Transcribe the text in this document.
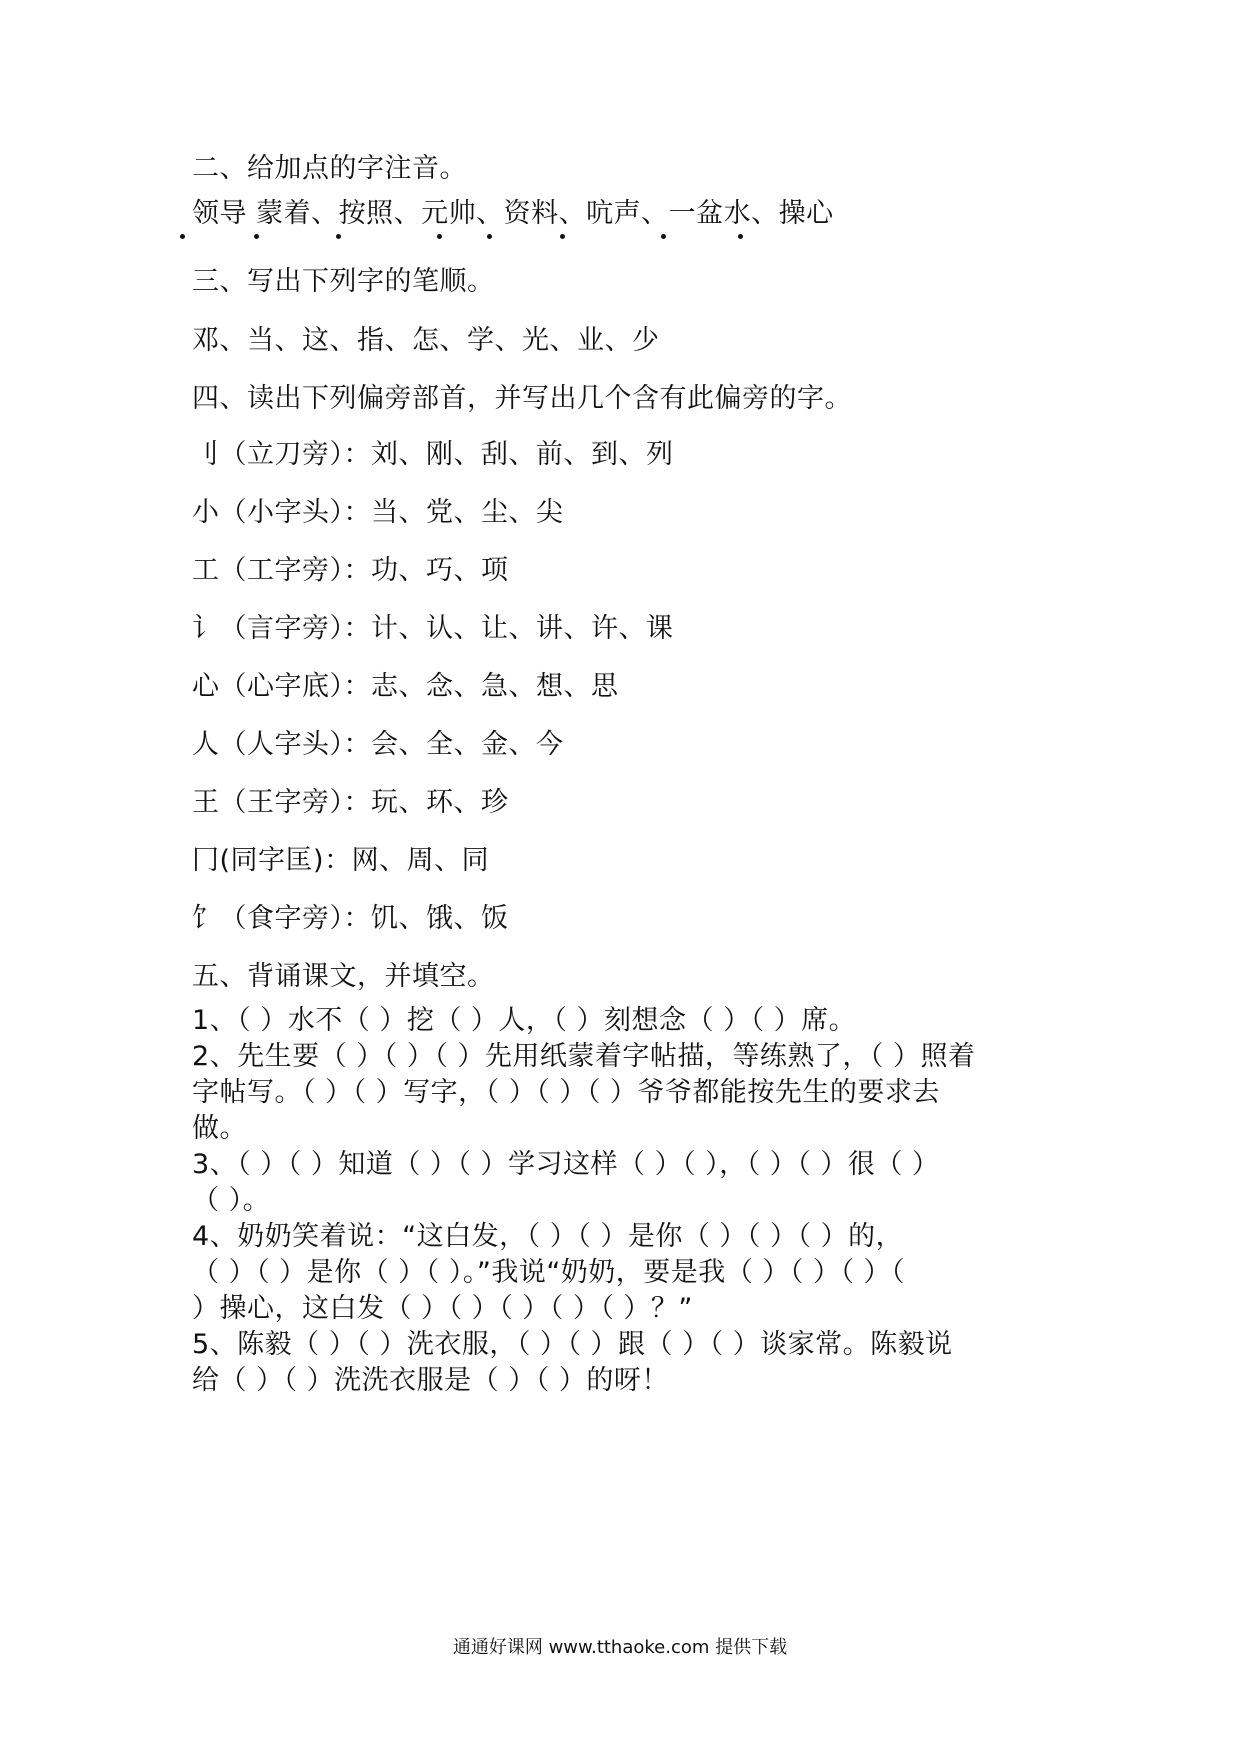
二、给加点的字注音。
领导 蒙着、按照、元帅、资料、吭声、一盆水、操心
三、写出下列字的笔顺。
邓、当、这、指、怎、学、光、业、少
四、读出下列偏旁部首，并写出几个含有此偏旁的字。
刂（立刀旁）：刘、刚、刮、前、到、列
小（小字头）：当、党、尘、尖
工（工字旁）：功、巧、项
讠（言字旁）：计、认、让、讲、许、课
心（心字底）：志、念、急、想、思
人（人字头）：会、全、金、今
王（王字旁）：玩、环、珍
冂(同字匡)：网、周、同
饣（食字旁）：饥、饿、饭
五、背诵课文，并填空。
1、（ ）水不（ ）挖（ ）人，（ ）刻想念（ ）（ ）席。
2、先生要（ ）（ ）（ ）先用纸蒙着字帖描，等练熟了，（ ）照着
字帖写。（ ）（ ）写字，（ ）（ ）（ ）爷爷都能按先生的要求去
做。
3、（ ）（ ）知道（ ）（ ）学习这样（ ）（ ），（ ）（ ）很（ ）
（ ）。
4、奶奶笑着说：“这白发，（ ）（ ）是你（ ）（ ）（ ）的，
（ ）（ ）是你（ ）（ ）。”我说“奶奶，要是我（ ）（ ）（ ）（
）操心，这白发（ ）（ ）（ ）（ ）（ ）？”
5、陈毅（ ）（ ）洗衣服，（ ）（ ）跟（ ）（ ）谈家常。陈毅说
给（ ）（ ）洗洗衣服是（ ）（ ）的呀！
通通好课网 www.tthaoke.com 提供下载
